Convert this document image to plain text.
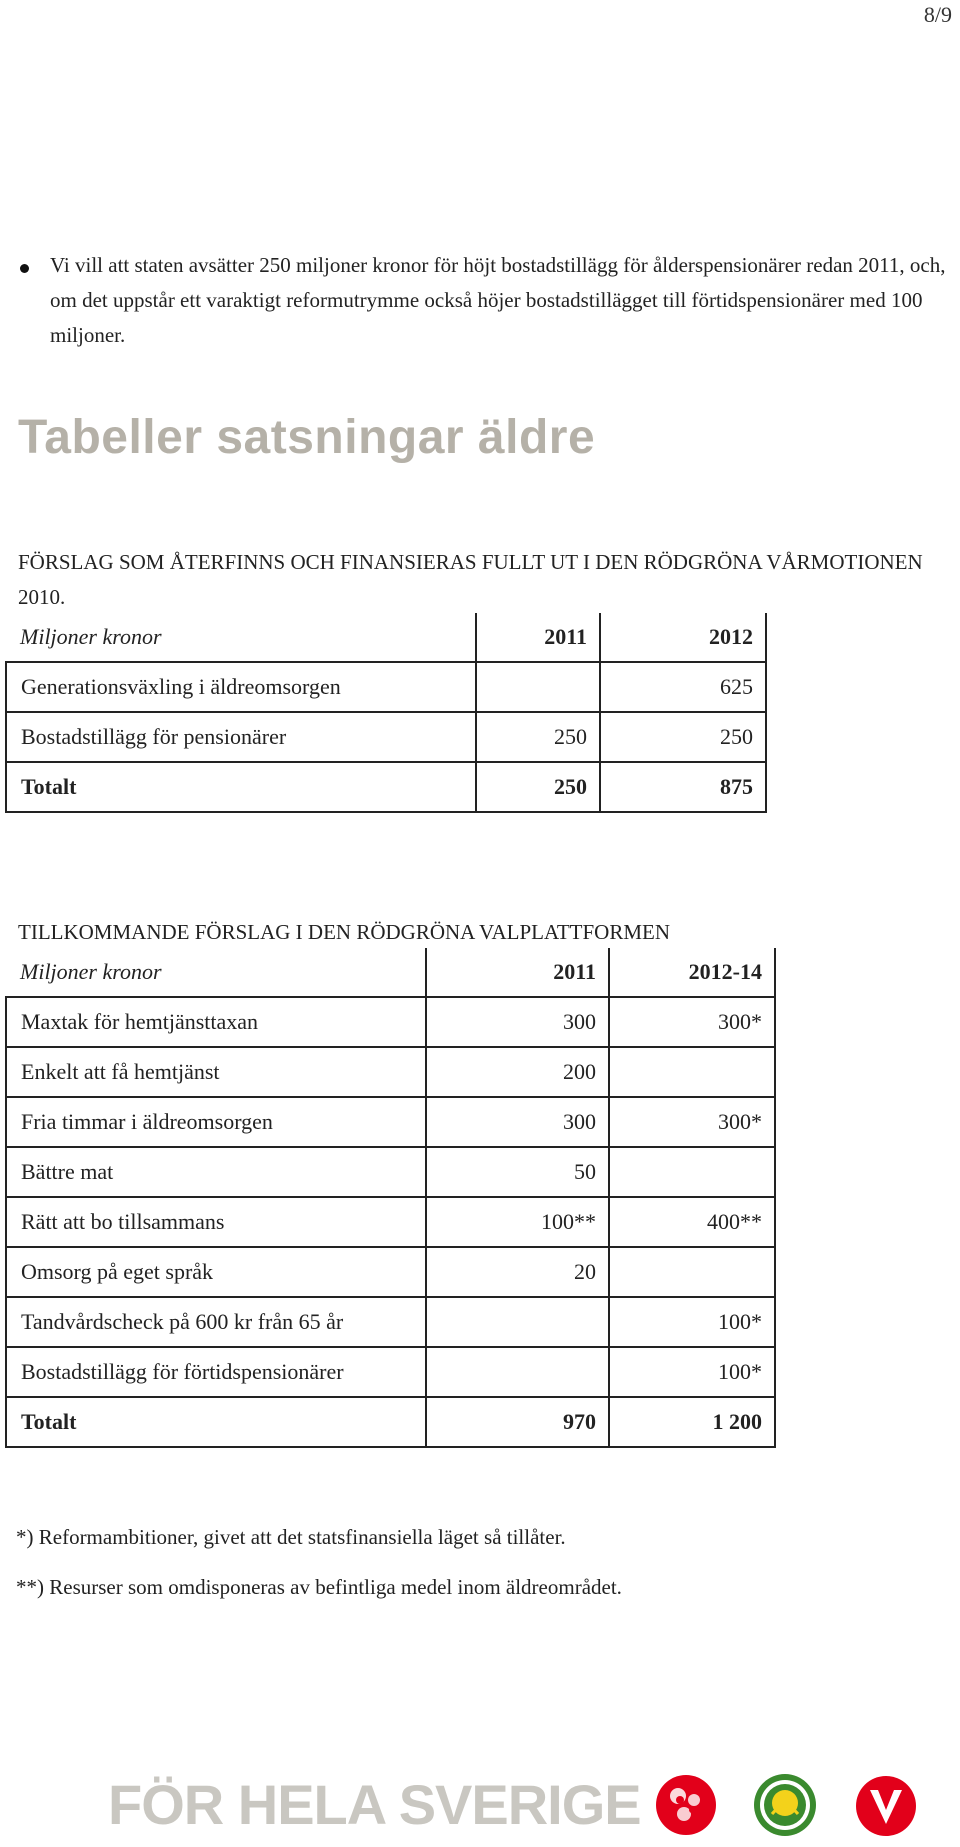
8/9

Vi vill att staten avsätter 250 miljoner kronor för höjt bostadstillägg för ålderspensionärer redan 2011, och, om det uppstår ett varaktigt reformutrymme också höjer bostadstillägget till förtidspensionärer med 100 miljoner.

Tabeller satsningar äldre

FÖRSLAG SOM ÅTERFINNS OCH FINANSIERAS FULLT UT I DEN RÖDGRÖNA VÅRMOTIONEN 2010.

Miljoner kronor	2011	2012
Generationsväxling i äldreomsorgen		625
Bostadstillägg för pensionärer	250	250
Totalt	250	875

TILLKOMMANDE FÖRSLAG I DEN RÖDGRÖNA VALPLATTFORMEN

Miljoner kronor	2011	2012-14
Maxtak för hemtjänsttaxan	300	300*
Enkelt att få hemtjänst	200	
Fria timmar i äldreomsorgen	300	300*
Bättre mat	50	
Rätt att bo tillsammans	100**	400**
Omsorg på eget språk	20	
Tandvårdscheck på 600 kr från 65 år		100*
Bostadstillägg för förtidspensionärer		100*
Totalt	970	1 200

*) Reformambitioner, givet att det statsfinansiella läget så tillåter.

**) Resurser som omdisponeras av befintliga medel inom äldreområdet.

FÖR HELA SVERIGE
